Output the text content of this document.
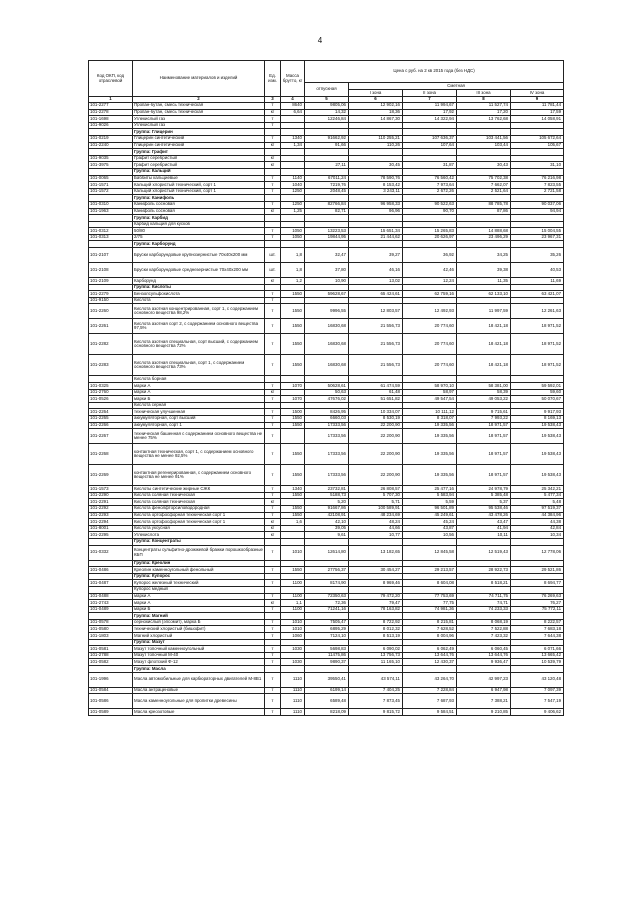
4
Код ОКП, код отраслевой	Наименование материалов и изделий	Ед. изм.	Масса брутто, кг	Цена с руб. на 2 кв 2015 года (без НДС)				
				отпускная	Сметная			
					I зона	II зона	III зона	IV зона
1	2	3	4	5	6	7	8	9
101-2277	Пропан-бутан, смесь техническая	т	8640	9805,06	12 902,16	11 994,67	11 527,74	11 781,44
101-2278	Пропан-бутан, смесь техническая	кг	6,64	14,32	18,36	17,92	17,20	17,59
101-1698	Углекислый газ	т		12246,84	14 867,30	14 322,94	13 762,68	14 058,91
101-9026	Углекислый газ	т						
	Группа: Глицерин							
101-0219	Глицерин синтетический	т	1340	91662,92	110 255,21	107 636,37	103 441,56	105 672,64
101-2240	Глицерин синтетический	кг	1,34	91,66	110,26	107,64	103,44	105,67
	Группа: Графит							
101-9035	Графит серебристый	кг						
101-3975	Графит серебристый	кг		27,11	30,45	31,87	30,43	31,10
	Группа: Кальций							
101-0065	Баббиты кальциевые	т	1140	67011,24	78 590,76	76 560,42	75 702,38	76 216,98
101-1571	Кальций хлористый технический, сорт 1	т	1040	7219,76	8 153,42	7 973,64	7 662,07	7 823,55
101-1572	Кальций хлористый технический, сорт 1	т	1250	2048,45	3 243,11	2 672,26	2 521,64	2 721,58
	Группа: Канифоль							
101-0310	Канифоль сосновая	т	1250	82766,84	96 958,33	90 522,63	88 785,78	90 037,06
101-1963	Канифоль сосновая	кг	1,25	82,71	96,96	90,70	87,86	94,94
	Группа: Карбид							
	Карбид кальция для кусков							
101-0312	50/80	т	1050	13223,53	15 651,34	15 265,83	14 888,68	15 004,55
101-0313	2/75	т	1050	19844,95	21 444,62	20 626,97	23 496,29	23 967,31
	Группа: Карборунд							
101-2107	Бруски карборундовые крупнозернистые 70х40х200 мм	шт.	1,8	32,47	39,27	36,92	34,25	35,26
101-2108	Бруски карборундовые среднезернистые 70х40х200 мм	шт.	1,8	37,80	46,16	42,46	39,38	40,53
101-2109	Карборунд	кг	1,2	10,90	13,02	12,24	11,35	11,69
	Группа: Кислоты							
101-2279	Бензолсульфокислота	т	1550	59628,67	65 424,61	62 759,16	62 133,10	63 421,07
101-9150	Кислота	т						
101-2260	Кислота азотная концентрированная, сорт 1, с содержанием основного вещества 98,2%	т	1550	9996,55	12 803,57	12 492,93	11 997,59	12 261,63
101-2261	Кислота азотная сорт 2, с содержанием основного вещества 97,5%	т	1550	16830,68	21 556,73	20 774,60	18 421,18	18 971,52
101-2282	Кислота азотная специальная, сорт высший, с содержанием основного вещества 72%	т	1550	16830,68	21 556,73	20 774,60	18 421,18	18 971,52
101-2283	Кислота азотная специальная, сорт 1, с содержанием основного вещества 73%	т	1550	16830,68	21 556,73	20 774,60	18 421,18	18 971,52
	Кислота борная							
101-0325	марки А	т	1070	50628,61	61 474,59	58 970,10	58 381,00	59 592,01
101-2760	марки А	кг		50,63	61,48	58,97	58,39	59,60
101-0526	марки Б	т	1070	47676,02	51 651,82	49 547,54	49 053,22	50 070,67
	Кислота серная							
101-2264	техническая улучшенная	т	1500	8426,95	10 334,07	10 111,12	9 715,61	9 917,93
101-2265	аккумуляторная, сорт высший	т	1550	6660,03	8 530,19	8 318,07	7 993,22	8 169,13
101-2266	аккумуляторная, сорт 1	т	1550	17333,56	22 200,90	19 335,56	18 971,57	19 538,43
101-2267	техническая башенная с содержанием основного вещества не менее 75%	т		17333,56	22 200,90	19 335,56	18 971,57	19 538,43
101-2268	контактная техническая, сорт 1, с содержанием основного вещества не менее 92,5%	т	1550	17333,56	22 200,90	19 335,56	18 971,57	19 538,43
101-2269	контактная регенерированная, с содержанием основного вещества не менее 91%	т	1550	17333,56	22 200,90	19 335,56	18 971,57	19 538,43
101-1573	Кислоты синтетические жирные СЖК	т	1340	23732,81	26 808,57	25 477,16	24 978,79	25 342,21
101-2290	Кислота соляная техническая	т	1550	5188,73	5 707,30	5 583,94	5 385,48	5 477,34
101-2291	Кислота соляная техническая	кг		5,20	5,71	5,59	5,37	5,48
101-2292	Кислота фенолфторсиловодородная	т	1550	91667,86	100 589,91	96 501,89	95 538,46	97 519,37
101-2293	Кислота ортофосфорная техническая сорт 1	т	1550	42108,91	48 234,69	45 249,61	43 478,26	44 384,96
101-2294	Кислота ортофосфорная техническая сорт 1	кг	1,6	42,10	48,24	45,24	43,47	44,38
101-8001	Кислота уксусная	кг		39,05	44,66	43,87	41,94	42,84
101-2295	Углекислота	кг		9,61	10,77	10,56	10,11	10,34
	Группа: Концентраты							
101-0332	Концентраты сульфитно-дрожжевой бражки порошкообразные КБП	т	1010	12614,80	13 182,65	12 845,58	12 519,43	12 778,06
	Группа: Креолин							
101-0486	Креолин каменноугольный фенольный	т	1550	27756,37	30 454,27	29 213,57	28 922,73	29 521,86
	Группа: Купорос							
101-0487	Купорос железный технический	т	1100	8174,90	8 969,46	8 604,08	8 518,21	8 694,77
	Купорос медный							
101-0488	марки А	т	1100	72350,63	79 472,20	77 753,69	74 711,75	76 269,63
101-2743	марки А	кг	1,1	72,36	79,47	77,75	74,71	76,27
101-0489	марки Б	т	1100	71241,16	78 163,82	74 981,36	74 233,33	75 772,11
	Группа: Магний							
101-0578	сернокислый (эпсомит), марка Б	т	1010	7505,47	8 722,92	8 215,81	8 068,19	8 222,57
101-0580	технический хлористый (бишофит)	т	1010	6895,29	8 012,32	7 628,52	7 522,88	7 683,18
101-1803	Магний хлористый	т	1060	7124,10	8 513,19	8 004,96	7 423,32	7 644,38
	Группа: Мазут							
101-0581	Мазут топочный каменноугольный	т	1030	5698,83	6 090,02	6 062,49	6 060,45	6 071,66
101-2788	Мазут топочный М-40	т		11475,86	13 756,73	13 644,76	13 644,76	13 665,42
101-0582	Мазут флотский Ф-12	т	1030	9890,37	11 165,10	12 430,37	9 936,47	10 539,79
	Группа: Масла							
101-1996	Масла автомобильные для карбюраторных двигателей М-8В1	т	1110	39550,41	43 574,11	43 264,70	42 997,23	43 120,48
101-0584	Масла антраценовые	т	1110	6199,14	7 404,25	7 228,84	6 947,98	7 097,39
101-0586	Масла каменноугольные для пропитки древесины	т	1110	6589,48	7 873,45	7 687,93	7 388,21	7 547,19
101-0589	Масла креозотовые	т	1110	8218,09	9 815,72	9 584,51	9 210,85	9 406,62
